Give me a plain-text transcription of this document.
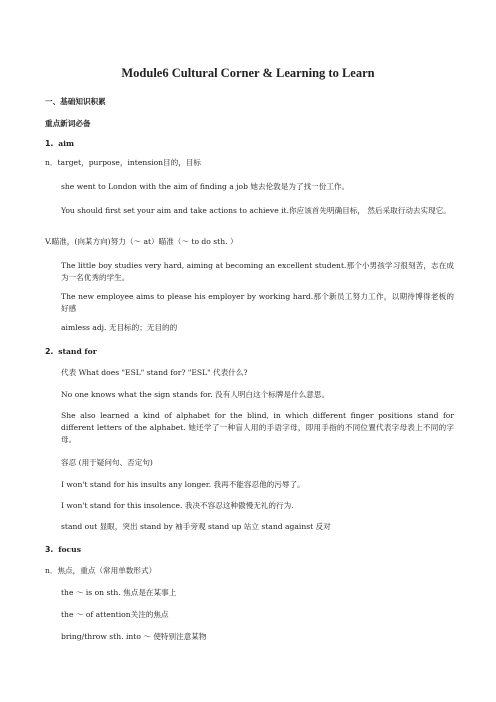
Module6 Cultural Corner & Learning to Learn
一、基础知识积累
重点新词必备
1. aim
n．target，purpose，intension目的，目标
she went to London with the aim of finding a job 她去伦敦是为了找一份工作。
You should first set your aim and take actions to achieve it.你应该首先明确目标， 然后采取行动去实现它。
V.瞄准，(向某方向)努力（～ at）瞄准（～ to do sth. ）
The little boy studies very hard, aiming at becoming an excellent student.那个小男孩学习很刻苦，志在成为一名优秀的学生。
The new employee aims to please his employer by working hard.那个新员工努力工作，以期待博得老板的好感
aimless adj. 无目标的；无目的的
2. stand for
代表 What does "ESL" stand for? "ESL" 代表什么?
No one knows what the sign stands for. 没有人明白这个标牌是什么意思。
She also learned a kind of alphabet for the blind, in which different finger positions stand for different letters of the alphabet. 她还学了一种盲人用的手语字母，即用手指的不同位置代表字母表上不同的字母。
容忍 (用于疑问句、否定句)
I won't stand for his insults any longer. 我再不能容忍他的污辱了。
I won't stand for this insolence. 我决不容忍这种傲慢无礼的行为.
stand out 显眼，突出 stand by 袖手旁观 stand up 站立 stand against 反对
3. focus
n．焦点，重点（常用单数形式）
the ～ is on sth. 焦点是在某事上
the ～ of attention关注的焦点
bring/throw sth. into ～ 使特别注意某物
